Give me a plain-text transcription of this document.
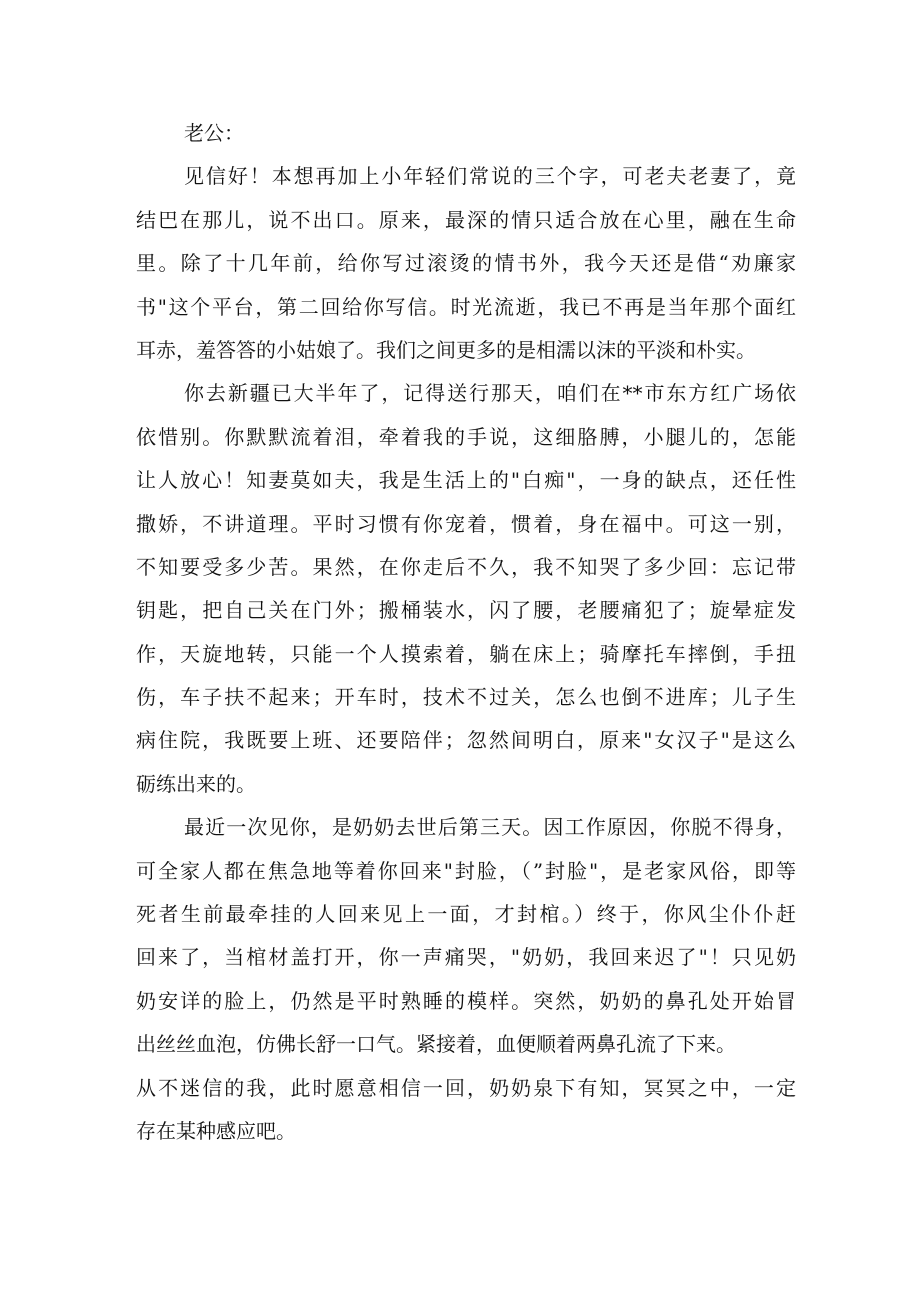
老公：
见信好！本想再加上小年轻们常说的三个字，可老夫老妻了，竟
结巴在那儿，说不出口。原来，最深的情只适合放在心里，融在生命
里。除了十几年前，给你写过滚烫的情书外，我今天还是借“劝廉家
书"这个平台，第二回给你写信。时光流逝，我已不再是当年那个面红
耳赤，羞答答的小姑娘了。我们之间更多的是相濡以沫的平淡和朴实。
你去新疆已大半年了，记得送行那天，咱们在**市东方红广场依
依惜别。你默默流着泪，牵着我的手说，这细胳膊，小腿儿的，怎能
让人放心！知妻莫如夫，我是生活上的"白痴"，一身的缺点，还任性
撒娇，不讲道理。平时习惯有你宠着，惯着，身在福中。可这一别，
不知要受多少苦。果然，在你走后不久，我不知哭了多少回：忘记带
钥匙，把自己关在门外；搬桶装水，闪了腰，老腰痛犯了；旋晕症发
作，天旋地转，只能一个人摸索着，躺在床上；骑摩托车摔倒，手扭
伤，车子扶不起来；开车时，技术不过关，怎么也倒不进库；儿子生
病住院，我既要上班、还要陪伴；忽然间明白，原来"女汉子"是这么
砺练出来的。
最近一次见你，是奶奶去世后第三天。因工作原因，你脱不得身，
可全家人都在焦急地等着你回来"封脸，（”封脸"，是老家风俗，即等
死者生前最牵挂的人回来见上一面，才封棺。）终于，你风尘仆仆赶
回来了，当棺材盖打开，你一声痛哭，"奶奶，我回来迟了"！只见奶
奶安详的脸上，仍然是平时熟睡的模样。突然，奶奶的鼻孔处开始冒
出丝丝血泡，仿佛长舒一口气。紧接着，血便顺着两鼻孔流了下来。
从不迷信的我，此时愿意相信一回，奶奶泉下有知，冥冥之中，一定
存在某种感应吧。
